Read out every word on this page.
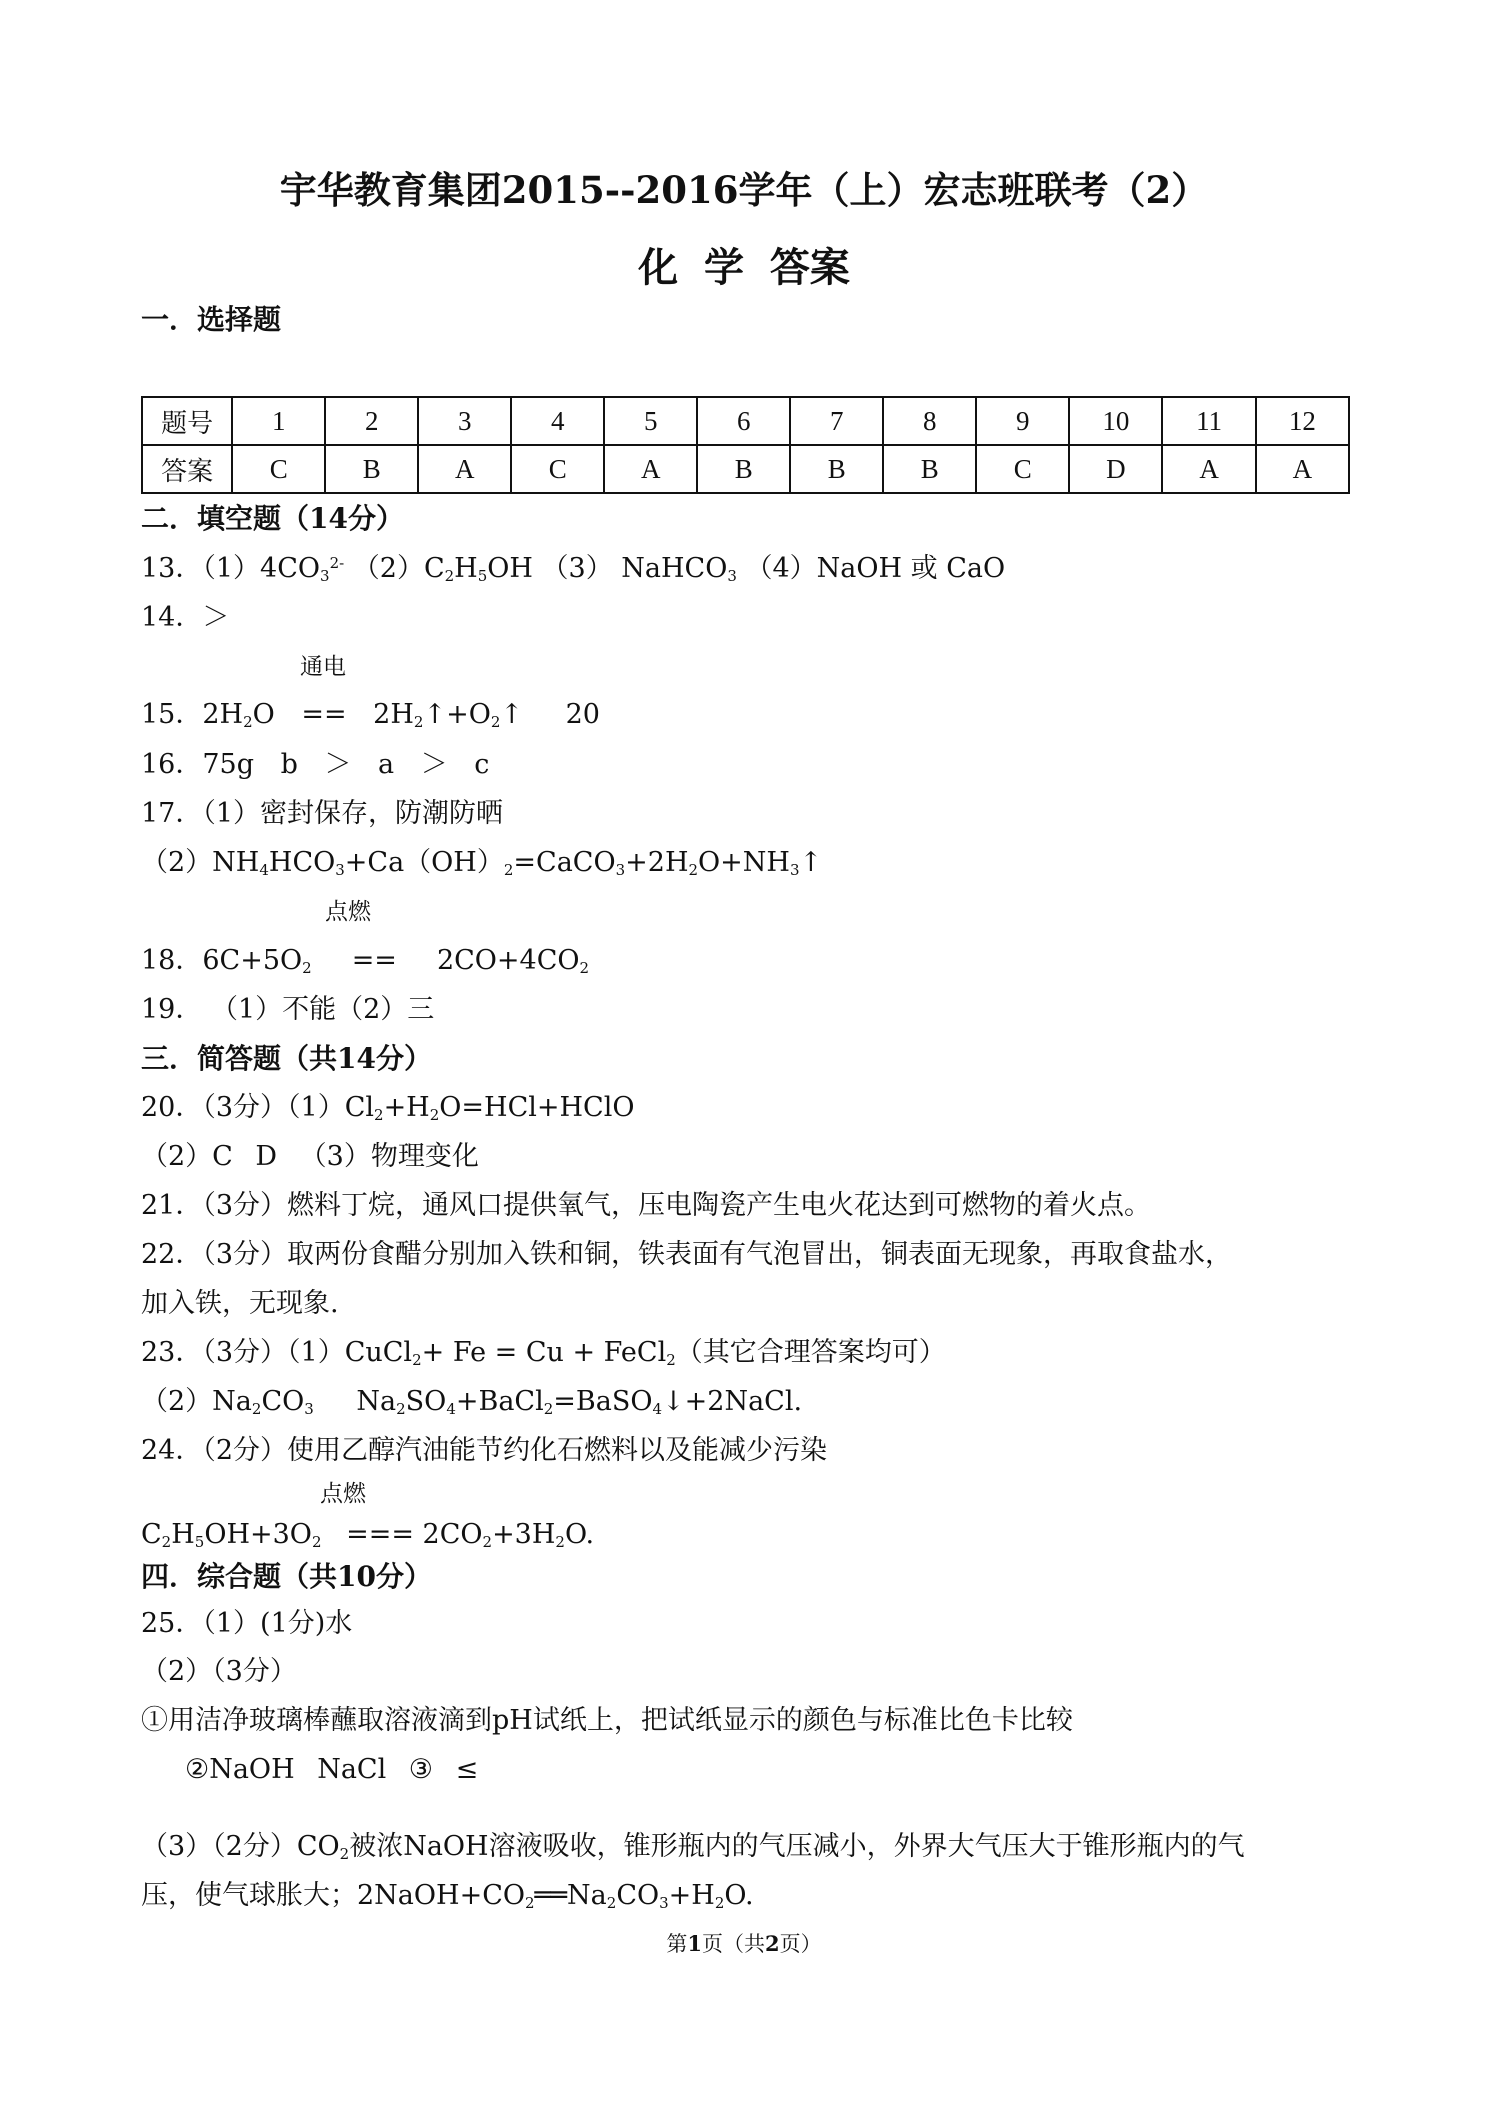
宇华教育集团2015--2016学年（上）宏志班联考（2）
化 学 答案
一．选择题
题号	1	2	3	4	5	6	7	8	9	10	11	12
答案	C	B	A	C	A	B	B	B	C	D	A	A
二．填空题（14分）
13．$(1)4CO_3^{2-}$ $(2)C_2H_5OH$ （3） NaHCO$_3$ （4）NaOH 或 CaO
14．＞
通电
15．$2H_2O$ == $2H_2↑+O_2↑$ 20
16．75g b ＞ a ＞ c
17．（1）密封保存，防潮防晒
$(2)NH_4HCO_3+Ca(OH)_2=CaCO_3+2H_2O+NH_3↑$
点燃
18．$6C+5O_2 == 2CO+4CO_2$
19． （1）不能（2）三
三．简答题（共14分）
20．（3分）$(1)Cl_2+H_2O=HCl+HClO$
（2）C D （3）物理变化
21．（3分）燃料丁烷，通风口提供氧气，压电陶瓷产生电火花达到可燃物的着火点。
22．（3分）取两份食醋分别加入铁和铜，铁表面有气泡冒出，铜表面无现象，再取食盐水，
加入铁，无现象.
23．（3分）（1）CuCl$_2$+ Fe = Cu + FeCl$_2$（其它合理答案均可）
$(2)Na_2CO_3$ $Na_2SO_4+BaCl_2=BaSO_4↓+2NaCl$.
24．（2分）使用乙醇汽油能节约化石燃料以及能减少污染
点燃
$C_2H_5OH+3O_2$ === $2CO_2+3H_2O$.
四．综合题（共10分）
25．（1）(1分)水
（2）（3分）
①用洁净玻璃棒蘸取溶液滴到pH试纸上，把试纸显示的颜色与标准比色卡比较
②NaOH NaCl ③ ≤
（3）（2分）$CO_2$被浓NaOH溶液吸收，锥形瓶内的气压减小，外界大气压大于锥形瓶内的气
压，使气球胀大；$2NaOH+CO_2══Na_2CO_3+H_2O$.
第1页（共2页）
